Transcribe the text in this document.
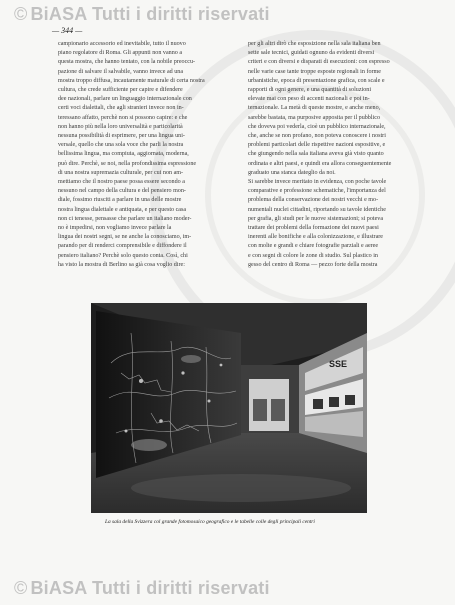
© BiASA Tutti i diritti riservati
— 344 —
campionario accessorio ed inevitabile, tutto il nuovo
piano regolatore di Roma. Gli appunti non vanno a
questa mostra, che hanno tentato, con la nobile preoccu-
pazione di salvare il salvabile, vanno invece ad una
mostra troppo diffusa, incautamente maturale di certa nostra
cultura, che crede sufficiente per capire e difendere
dee nazionali, parlare un linguaggio internazionale con
certi voci dialettali, che agli stranieri invece non in-
teressano affatto, perchè non si possono capire: e che
non hanno più nella loro universalità e particolarità
nessuna possibilità di esprimere, per una lingua uni-
versale, quello che una sola voce che parli la nostra
bellissima lingua, ma compiuta, aggiornata, moderna,
può dire. Perchè, se noi, nella profondissima espressione
di una nostra supremazia culturale, per cui non am-
mettiamo che il nostro paese possa essere secondo a
nessuno nel campo della cultura e del pensiero mon-
diale, fossimo riusciti a parlare in una delle mostre
nostra lingua dialettale e antiquata, e per questo casa
non ci tenesse, pensasse che parlare un italiano moder-
no è impedirsi, non vogliamo invece parlare la
lingua dei nostri segni, se ne anche la conosciamo, im-
parando per di renderci comprensibile e diffondere il
pensiero italiano? Perchè solo questo conta. Così, chi
ha visto la mostra di Berlino sa già cosa voglio dire:
per gli altri dirò che esposizione nella sala italiana ben
sette sale tecnici, guidati ognuno da evidenti diversi
criteri e con diversi e disparati di esecuzioni: con espresso
nelle varie case tante troppe esposte regionali in forme
urbanistiche, epoca di presentazione grafica, con scale e
rapporti di ogni genere, e una quantità di soluzioni
elevate mai con peso di accenti nazionali e poi in-
ternazionale. La metà di queste mostre, e anche meno,
sarebbe bastata, ma purposive apposita per il pubblico
che doveva poi vederla, cioè un pubblico internazionale,
che, anche se non profano, non poteva conoscere i nostri
problemi particolari delle rispettive nazioni espositive, e
che giungendo nella sala italiana aveva già visto quanto
ordinata e altri paesi, e quindi era allora conseguentemente
graduato una stanca dateglio da noi.
Si sarebbe invece meritato in evidenza, con poche tavole
comparative e professione schematiche, l'importanza del
problema della conservazione dei nostri vecchi e mo-
numentali nuclei cittadini, riportando su tavole identiche
per grafia, gli studi per le nuove sistemazioni; si poteva
trattare dei problemi della formazione dei nuovi paesi
inerenti alle bonifiche e alla colonizzazione, e illustrare
con molte e grandi e chiare fotografie parziali e aeree
e con segni di colore le zone di studio. Sul plastico in
gesso del centro di Roma — pezzo forte della mostra
SSE
La sala della Svizzera col grande fotomosaico geografico e le tabelle colle degli principali centri
© BiASA Tutti i diritti riservati
